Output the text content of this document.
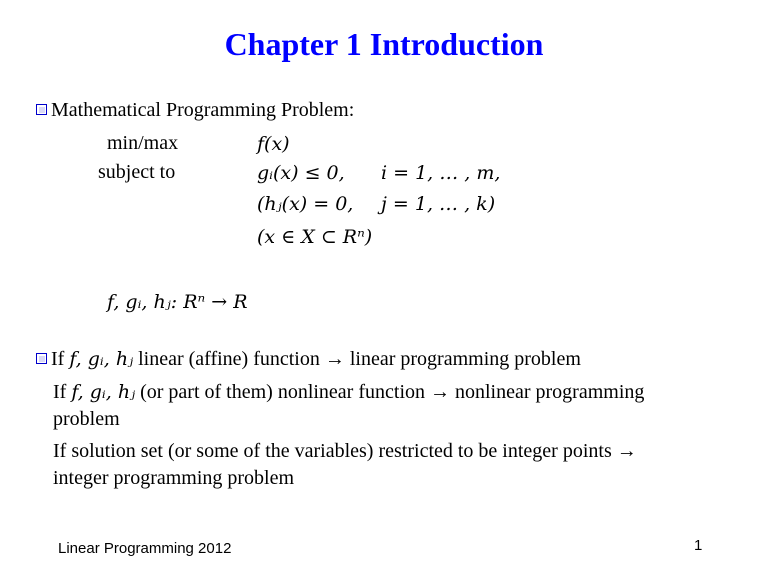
Chapter 1 Introduction
Mathematical Programming Problem:
min/max	f(x)
subject to	gᵢ(x) ≤ 0, i = 1, … , m,
(hⱼ(x) = 0, j = 1, … , k)
(x ∈ X ⊂ Rⁿ)
f, gᵢ, hⱼ: Rⁿ → R
If f, gᵢ, hⱼ linear (affine) function → linear programming problem
If f, gᵢ, hⱼ (or part of them) nonlinear function → nonlinear programming
problem
If solution set (or some of the variables) restricted to be integer points →
integer programming problem
Linear Programming 2012	1
